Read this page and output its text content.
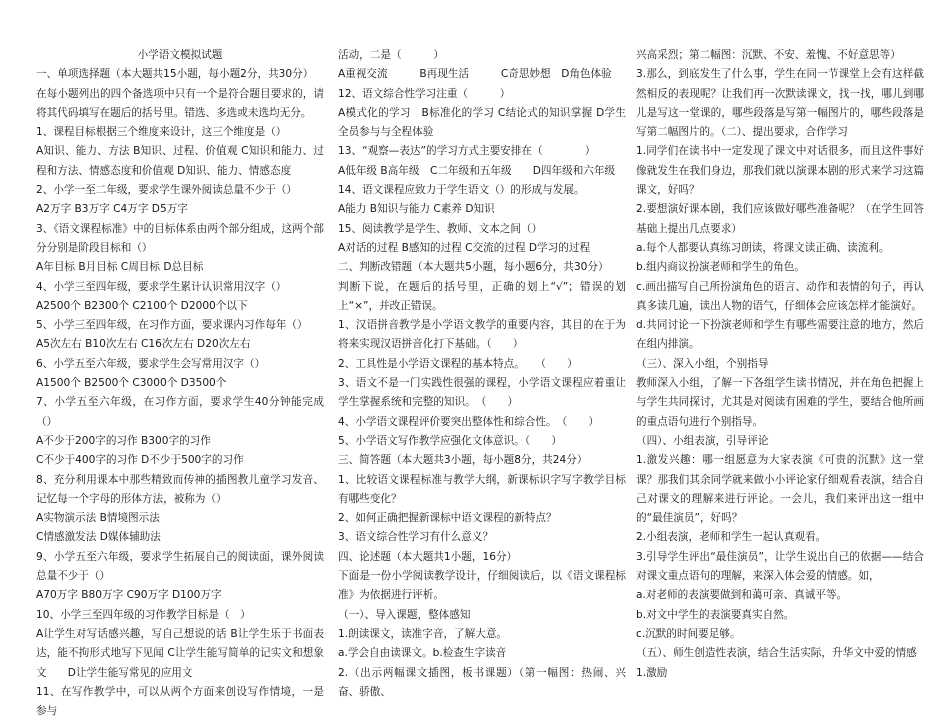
小学语文模拟试题

一、单项选择题（本大题共15小题，每小题2分，共30分）

在每小题列出的四个备选项中只有一个是符合题目要求的，请将其代码填写在题后的括号里。错选、多选或未选均无分。

1、课程目标根据三个维度来设计，这三个维度是（）

A知识、能力、方法 B知识、过程、价值观 C知识和能力、过程和方法、情感态度和价值观 D知识、能力、情感态度

2、小学一至二年级，要求学生课外阅读总量不少于（）

A2万字 B3万字 C4万字 D5万字

3、《语文课程标准》中的目标体系由两个部分组成，这两个部分分别是阶段目标和（）

A年目标 B月目标 C周目标 D总目标

4、小学三至四年级，要求学生累计认识常用汉字（）

A2500个 B2300个 C2100个 D2000个以下

5、小学三至四年级，在习作方面，要求课内习作每年（）

A5次左右 B10次左右 C16次左右 D20次左右

6、小学五至六年级，要求学生会写常用汉字（）

A1500个 B2500个 C3000个 D3500个

7、小学五至六年级，在习作方面，要求学生40分钟能完成（）

A不少于200字的习作 B300字的习作

C不少于400字的习作 D不少于500字的习作

8、充分利用课本中那些精致而传神的插图教儿童学习发音、记忆每一个字母的形体方法，被称为（）

A实物演示法 B情境图示法

C情感激发法 D媒体辅助法

9、小学五至六年级，要求学生拓展自己的阅读面，课外阅读总量不少于（）

A70万字 B80万字 C90万字 D100万字

10、小学三至四年级的习作教学目标是（　）

A让学生对写话感兴趣，写自己想说的话 B让学生乐于书面表达，能不拘形式地写下见闻 C让学生能写简单的记实文和想象文　　D让学生能写常见的应用文

11、在写作教学中，可以从两个方面来创设写作情境，一是参与

活动，二是（　　　）

A重视交流　　　B再现生活　　　C奇思妙想　D角色体验

12、语文综合性学习注重（　　　）

A模式化的学习　B标准化的学习 C结论式的知识掌握 D学生全员参与与全程体验

13、“观察—表达”的学习方式主要安排在（　　　　）

A低年级 B高年级　C二年级和五年级　　D四年级和六年级

14、语文课程应致力于学生语文（）的形成与发展。

A能力 B知识与能力 C素养 D知识

15、阅读教学是学生、教师、文本之间（）

A对话的过程 B感知的过程 C交流的过程 D学习的过程

二、判断改错题（本大题共5小题，每小题6分，共30分）

判断下说，在题后的括号里，正确的划上“√”；错误的划上“×”，并改正错误。

1、汉语拼音教学是小学语文教学的重要内容，其目的在于为将来实现汉语拼音化打下基础。（　　）

2、工具性是小学语文课程的基本特点。　　（　　）

3、语文不是一门实践性很强的课程，小学语文课程应着重让学生掌握系统和完整的知识。　（　　）

4、小学语文课程评价要突出整体性和综合性。　（　　）

5、小学语文写作教学应强化文体意识。（　　）

三、简答题（本大题共3小题，每小题8分，共24分）

1、比较语文课程标准与教学大纲，新课标识字写字教学目标有哪些变化？

2、如何正确把握新课标中语文课程的新特点？

3、语文综合性学习有什么意义？

四、论述题（本大题共1小题，16分）

下面是一份小学阅读教学设计，仔细阅读后，以《语文课程标准》为依据进行评析。

（一）、导入课题，整体感知

1.朗读课文，读准字音，了解大意。

a.学会自由读课文。b.检查生字读音

2.（出示两幅课文插图，板书课题）（第一幅图：热闹、兴奋、骄傲、

兴高采烈；第二幅图：沉默、不安、羞愧、不好意思等）

3.那么，到底发生了什么事，学生在同一节课堂上会有这样截然相反的表现呢？让我们再一次默读课文，找一找，哪儿到哪儿是写这一堂课的，哪些段落是写第一幅图片的，哪些段落是写第二幅图片的。（二）、提出要求，合作学习

1.同学们在读书中一定发现了课文中对话很多，而且这件事好像就发生在我们身边，那我们就以演课本剧的形式来学习这篇课文，好吗？

2.要想演好课本剧，我们应该做好哪些准备呢？（在学生回答基础上提出几点要求）

a.每个人都要认真练习朗读，将课文读正确、读流利。

b.组内商议扮演老师和学生的角色。

c.画出描写自己所扮演角色的语言、动作和表情的句子，再认真多读几遍，读出人物的语气，仔细体会应该怎样才能演好。

d.共同讨论一下扮演老师和学生有哪些需要注意的地方，然后在组内排演。

（三）、深入小组，个别指导

教师深入小组，了解一下各组学生读书情况，并在角色把握上与学生共同探讨，尤其是对阅读有困难的学生，要结合他所画的重点语句进行个别指导。

（四）、小组表演，引导评论

1.激发兴趣：哪一组愿意为大家表演《可贵的沉默》这一堂课？那我们其余同学就来做小小评论家仔细观看表演，结合自己对课文的理解来进行评论。一会儿，我们来评出这一组中的“最佳演员”，好吗？

2.小组表演，老师和学生一起认真观看。

3.引导学生评出“最佳演员”，让学生说出自己的依据——结合对课文重点语句的理解，来深入体会爱的情感。如，

a.对老师的表演要做到和蔼可亲、真诚平等。

b.对文中学生的表演要真实自然。

c.沉默的时间要足够。

（五）、师生创造性表演，结合生活实际，升华文中爱的情感

1.激励
